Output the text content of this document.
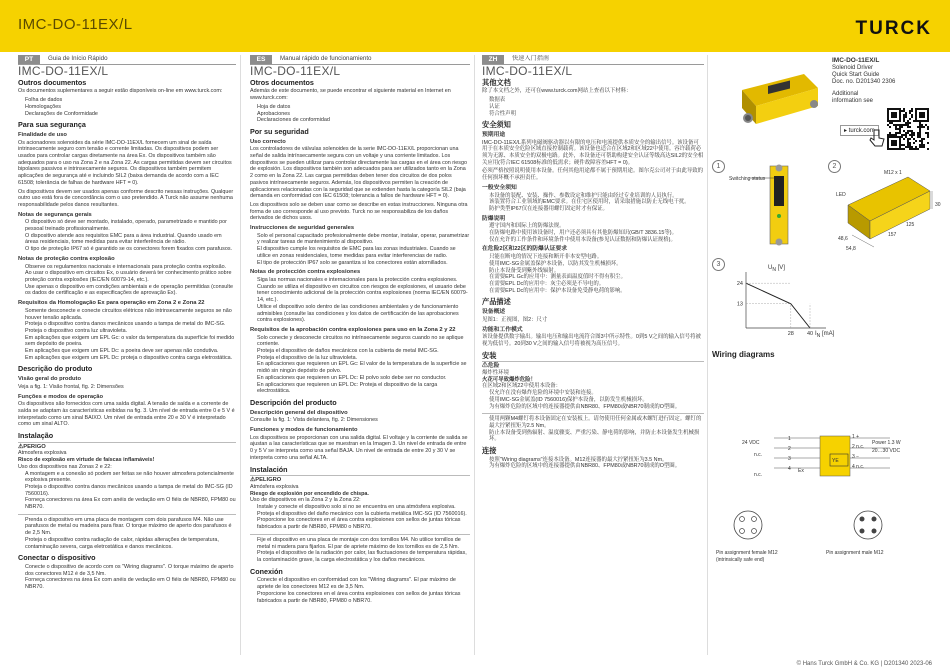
IMC-DO-11EX/L	TURCK
PT	Guia de Início Rápido
IMC-DO-11EX/L
Outros documentos

Os documentos suplementares a seguir estão disponíveis on-line em www.turck.com:

• Folha de dados
• Homologações
• Declarações de Conformidade
Para sua segurança
Finalidade de uso

Os acionadores solenoides da série IMC-DO-11EX/L fornecem um sinal de saída intrinsecamente seguro com tensão e corrente limitadas. Os dispositivos podem ser usados para controlar cargas diretamente na área Ex. Os dispositivos também são adequados para o uso na Zona 2 e na Zona 22. As cargas permitidas devem ser circuitos bipolares passivos e intrinsecamente seguros. Os dispositivos também permitem aplicações de segurança até e incluindo SIL2 (baixa demanda de acordo com a IEC 61508; tolerância de falhas de hardware HFT = 0).

Os dispositivos devem ser usados apenas conforme descrito nessas instruções. Qualquer outro uso está fora de concordância com o uso pretendido. A Turck não assume nenhuma responsabilidade pelos danos resultantes.

Notas de segurança gerais
• O dispositivo só deve ser montado, instalado, operado, parametrizado e mantido por pessoal treinado profissionalmente.
• O dispositivo atende aos requisitos EMC para a área industrial. Quando usado em áreas residenciais, tome medidas para evitar interferência de rádio.
• O tipo de proteção IP67 só é garantido se os conectores forem fixados com parafusos.
Notas de proteção contra explosão
• Observe os regulamentos nacionais e internacionais para proteção contra explosão.
• Ao usar o dispositivo em circuitos Ex, o usuário deverá ter conhecimento prático sobre proteção contra explosões (IEC/EN 60079-14, etc.).
• Use apenas o dispositivo em condições ambientais e de operação permitidas (consulte os dados de certificação e as especificações de aprovação Ex).
Requisitos da Homologação Ex para operação em Zona 2 e Zona 22
• Somente desconecte e conecte circuitos elétricos não intrinsecamente seguros se não houver tensão aplicada.
• Proteja o dispositivo contra danos mecânicos usando a tampa de metal do IMC-SG.
• Proteja o dispositivo contra luz ultravioleta.
• Em aplicações que exigem um EPL Gc: o valor da temperatura da superfície foi medido sem depósito de poeira.
• Em aplicações que exigem um EPL Dc: a poeira deve ser apenas não condutiva.
• Em aplicações que exigem um EPL Dc: proteja o dispositivo contra carga eletrostática.
Descrição do produto
Visão geral do produto

Veja a fig. 1: Visão frontal, fig. 2: Dimensões

Funções e modos de operação

Os dispositivos são fornecidos com uma saída digital. A tensão de saída e a corrente de saída se adaptam às características exibidas na fig. 3. Um nível de entrada entre 0 e 5 V é interpretado como um sinal BAIXO. Um nível de entrada entre 20 e 30 V é interpretado como um sinal ALTO.

Instalação
⚠ PERIGO
Atmosfera explosiva
Risco de explosão em virtude de faíscas inflamáveis!
Uso dos dispositivos nas Zonas 2 e 22:
• A montagem e a conexão só podem ser feitas se não houver atmosfera potencialmente explosiva presente.
• Proteja o dispositivo contra danos mecânicos usando a tampa de metal do IMC-SG (ID 7560016).
• Forneça conectores na área Ex com anéis de vedação em O fiéis de NBR80, FPM80 ou NBR70.
• Prenda o dispositivo em uma placa de montagem com dois parafusos M4. Não use parafusos de metal ou madeira para fixar. O torque máximo de aperto dos parafusos é de 2,5 Nm.
• Proteja o dispositivo contra radiação de calor, rápidas alterações de temperatura, contaminação severa, carga eletrostática e danos mecânicos.
Conectar o dispositivo
• Conecte o dispositivo de acordo com os "Wiring diagrams". O torque máximo de aperto dos conectores M12 é de 3,5 Nm.
• Forneça conectores na área Ex com anéis de vedação em O fiéis de NBR80, FPM80 ou NBR70.
ES	Manual rápido de funcionamiento
IMC-DO-11EX/L
Otros documentos

Además de este documento, se puede encontrar el siguiente material en Internet en www.turck.com:

• Hoja de datos
• Aprobaciones
• Declaraciones de conformidad
Por su seguridad
Uso correcto

Los controladores de válvulas solenoides de la serie IMC-DO-11EX/L proporcionan una señal de salida intrínsecamente segura con un voltaje y una corriente limitados. Los dispositivos se pueden utilizar para controlar directamente las cargas en el área con riesgo de explosión. Los dispositivos también son adecuados para ser utilizados tanto en la Zona 2 como en la Zona 22. Las cargas permitidas deben tener dos circuitos de dos polos pasivos intrínsecamente seguros. Además, los dispositivos permiten la creación de aplicaciones relacionadas con la seguridad que se extienden hasta la categoría SIL2 (baja demanda en conformidad con IEC 61508; tolerancia a fallos de hardware HFT = 0).

Los dispositivos solo se deben usar como se describe en estas instrucciones. Ninguna otra forma de uso corresponde al uso previsto. Turck no se responsabiliza de los daños derivados de dichos usos.

Instrucciones de seguridad generales
• Solo el personal capacitado profesionalmente debe montar, instalar, operar, parametrizar y realizar tareas de mantenimiento al dispositivo.
• El dispositivo cumple los requisitos de EMC para las zonas industriales. Cuando se utilice en zonas residenciales, tome medidas para evitar interferencias de radio.
• El tipo de protección IP67 solo se garantiza si los conectores están atornillados.
Notas de protección contra explosiones
• Siga las normas nacionales e internacionales para la protección contra explosiones.
• Cuando se utiliza el dispositivo en circuitos con riesgos de explosiones, el usuario debe tener conocimiento adicional de la protección contra explosiones (norma IEC/EN 60079-14, etc.).
• Utilice el dispositivo solo dentro de las condiciones ambientales y de funcionamiento admisibles (consulte las condiciones y los datos de certificación de las aprobaciones contra explosiones).
Requisitos de la aprobación contra explosiones para uso en la Zona 2 y 22
• Solo conecte y desconecte circuitos no intrínsecamente seguros cuando no se aplique corriente.
• Proteja el dispositivo de daños mecánicos con la cubierta de metal IMC-SG.
• Proteja el dispositivo de la luz ultravioleta.
• En aplicaciones que requieren un EPL Gc: El valor de la temperatura de la superficie se midió sin ningún depósito de polvo.
• En aplicaciones que requieren un EPL Dc: El polvo solo debe ser no conductor.
• En aplicaciones que requieren un EPL Dc: Proteja el dispositivo de la carga electrostática.
Descripción del producto
Descripción general del dispositivo

Consulte la fig. 1: Vista delantera, fig. 2: Dimensiones

Funciones y modos de funcionamiento

Los dispositivos se proporcionan con una salida digital. El voltaje y la corriente de salida se ajustan a las características que se muestran en la Imagen 3. Un nivel de entrada de entre 0 y 5 V se interpreta como una señal BAJA. Un nivel de entrada de entre 20 y 30 V se interpreta como una señal ALTA.

Instalación
⚠ PELIGRO
Atmósfera explosiva
Riesgo de explosión por encendido de chispa.
Uso de dispositivos en la Zona 2 y la Zona 22:
• Instale y conecte el dispositivo solo si no se encuentra en una atmósfera explosiva.
• Proteja el dispositivo del daño mecánico con la cubierta metálica IMC-SG (ID 7560016).
• Proporcione los conectores en el área contra explosiones con sellos de juntas tóricas fabricados a partir de NBR80, FPM80 o NBR70.
• Fije el dispositivo en una placa de montaje con dos tornillos M4. No utilice tornillos de metal ni madera para fijarlos. El par de apriete máximo de los tornillos es de 2,5 Nm.
• Proteja el dispositivo de la radiación por calor, las fluctuaciones de temperatura rápidas, la contaminación grave, la carga electrostática y los daños mecánicos.
Conexión
• Conecte el dispositivo en conformidad con los "Wiring diagrams". El par máximo de apriete de los conectores M12 es de 3,5 Nm.
• Proporcione los conectores en el área contra explosiones con sellos de juntas tóricas fabricados a partir de NBR80, FPM80 o NBR70.
ZH	快速入门指南
IMC-DO-11EX/L
其他文档

除了本文档之外，还可在www.turck.com网站上查看以下材料：

• 数据表
• 认证
• 符合性声明
安全须知
预期用途

IMC-DO-11EX/L系列电磁阀驱动器以有限的电压和电流提供本质安全的输出信号。该设备可用于在本质安全危险区域直接控制载荷。该设备也适合在区域2和区域22中使用。容许载荷必须为无源、本质安全的双极电路。此外，本设备还可帮助构建安全认证等级高达SIL2的安全相关应用(符合IEC 61508标准的低需求；硬件故障容差HFT = 0)。

必须严格按照说明使用本设备。任何其他用途都不属于预期用途。图尔克公司对于由此导致的任何损坏概不承担责任。

一般安全须知
• 本设备的装配、安装、操作、参数设定和维护只能由经过专业培训的人员执行。
• 该装置符合工业领域的EMC要求。在住宅区使用时，请采取措施以防止无线电干扰。
• 防护类型IP67仅在连接器用螺钉固定时才有保证。
防爆说明
• 遵守国内和国际上的防爆法规。
• 在防爆电路中使用该设备时，用户还必须具有其他防爆知识(GB/T 3836.15等)。
• 仅在允许的工作条件和环境条件中使用本设备(参见认证数据和防爆认证规格)。
在危险2区和22区的防爆认证要求
• 只能在断电的情况下连接和断开非本安型电路。
• 使用IMC-SG金属盖保护本设备，以防其发生机械损坏。
• 防止本设备受到紫外线辐射。
• 在需要EPL Gc的应用中：测量表面温度值时不得有积尘。
• 在需要EPL Dc的应用中：灰尘必须是不导电的。
• 在需要EPL Dc的应用中：保护本设备免受静电荷的影响。
产品描述
设备概述

见图1：正视图，图2：尺寸

功能和工作模式

该设备提供数字输出。输出电压和输出电流符合图3中所示特性。0到5 V之间的输入信号将被视为低信号。20到30 V之间的输入信号将被视为高压信号。

安装
⚠ 危险
爆炸性环境
火花可导致爆炸危险！
在区域2和区域22中使用本设备：
• 仅允许在没有爆炸危险的环境中安装和连接。
• 使用IMC-SG金属盖(ID 7560016)保护本设备，以防发生机械损坏。
• 为有爆炸危险的区域中的连接器提供由NBR80、FPM80或NBR70制成的O型圈。
• 使用两颗M4螺钉将本设备固定在安装板上。请勿使用任何金属或木螺钉进行固定。螺钉的最大拧紧扭矩为2.5 Nm。
• 防止本设备受到热辐射、温度骤变、严重污染、静电荷的影响，并防止本设备发生机械损坏。
连接
• 按照"Wiring diagrams"连接本设备。M12连接器的最大拧紧扭矩为3.5 Nm。
• 为有爆炸危险的区域中的连接器提供由NBR80、FPM80或NBR70制成的O型圈。
IMC-DO-11EX/L
Solenoid Driver
Quick Start Guide
Doc. no. D201340 2306
Additional
information see
▸ turck.com
1
Switching status
2
M12 x 1
LED
30
125
157
48,6
54,8
3
13
24
28 40
$U_N$ [V]
$I_N$ [mA]
Wiring diagrams
24 VDC
n.c.
n.c.
Ex
YE
Power 1.3 W
20…30 VDC
1
2
3
4
1 +
2 n.c.
3 −
4 n.c.
Pin assignment female M12
(intrinsically safe end)
Pin assignment male M12
© Hans Turck GmbH & Co. KG | D201340 2023-06
